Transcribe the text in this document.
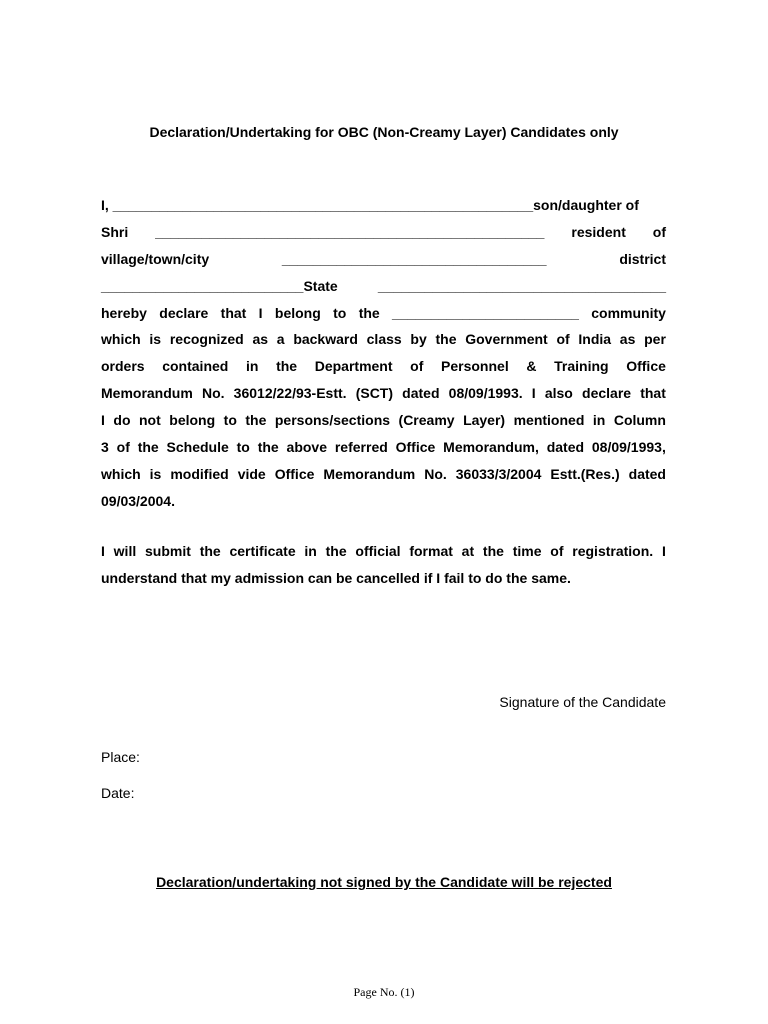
Declaration/Undertaking for OBC (Non-Creamy Layer) Candidates only
I, ______________________________________________________son/daughter of
Shri __________________________________________________ resident of
village/town/city	__________________________________	district
__________________________State	_____________________________________
hereby declare that I belong to the ________________________ community
which is recognized as a backward class by the Government of India as per
orders contained in the Department of Personnel & Training Office
Memorandum No. 36012/22/93-Estt. (SCT) dated 08/09/1993. I also declare that
I do not belong to the persons/sections (Creamy Layer) mentioned in Column
3 of the Schedule to the above referred Office Memorandum, dated 08/09/1993,
which is modified vide Office Memorandum No. 36033/3/2004 Estt.(Res.) dated
09/03/2004.
I will submit the certificate in the official format at the time of registration. I
understand that my admission can be cancelled if I fail to do the same.
Signature of the Candidate
Place:
Date:
Declaration/undertaking not signed by the Candidate will be rejected
Page No. (1)
